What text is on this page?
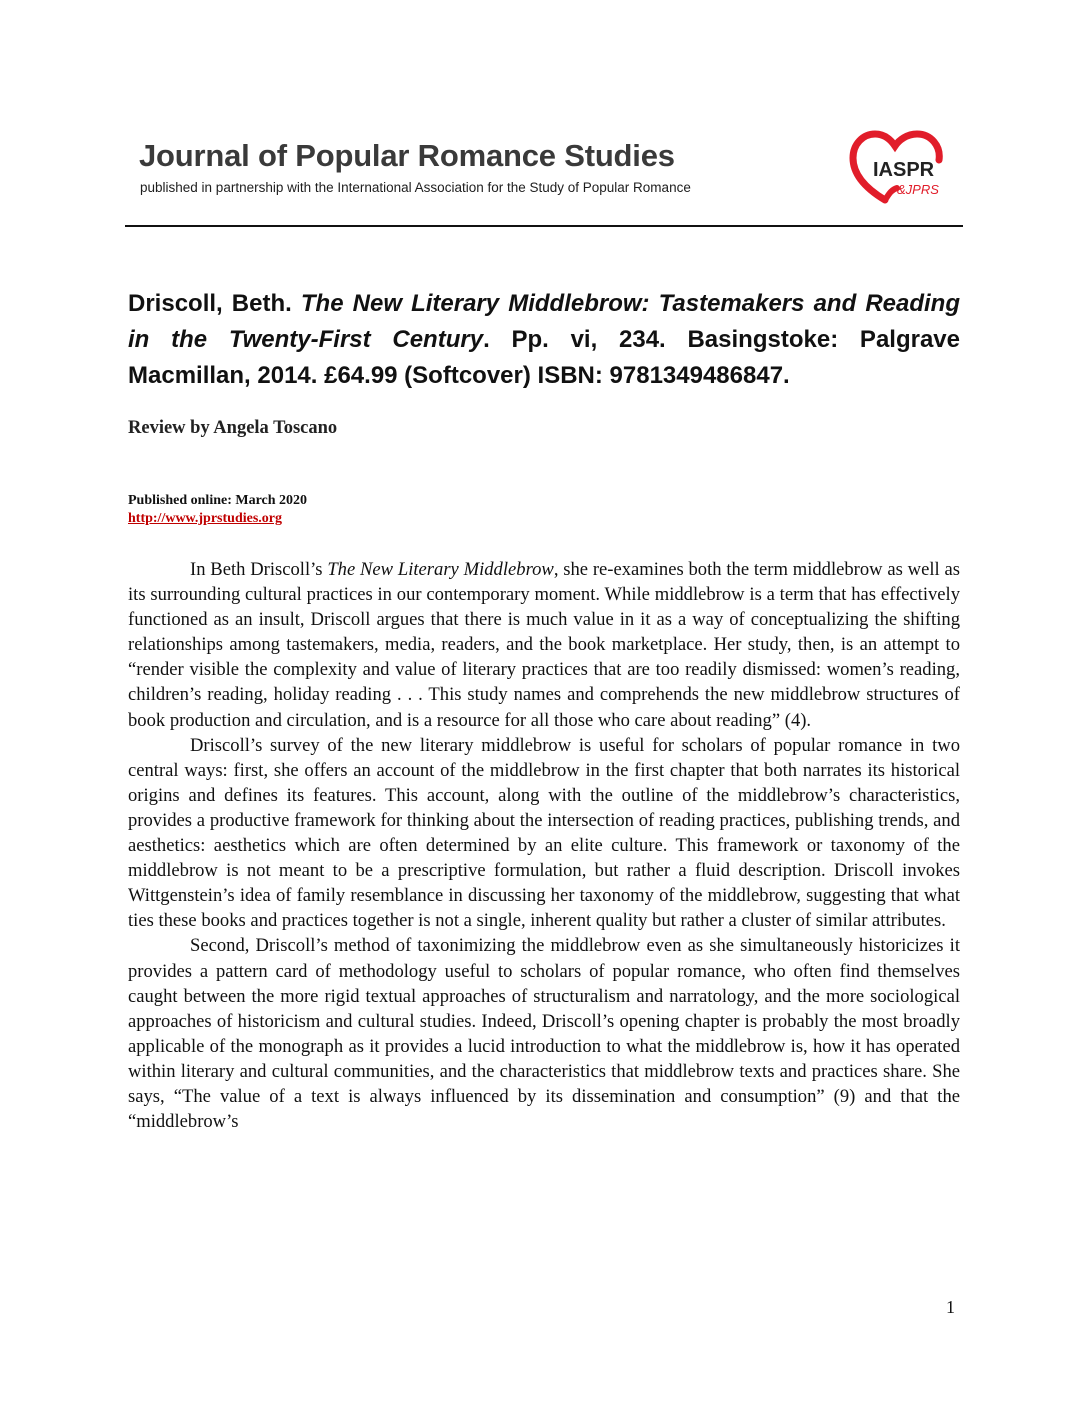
Journal of Popular Romance Studies
published in partnership with the International Association for the Study of Popular Romance
IASPR
&JPRS

Driscoll, Beth. The New Literary Middlebrow: Tastemakers and Reading in the Twenty-First Century. Pp. vi, 234. Basingstoke: Palgrave Macmillan, 2014. £64.99 (Softcover) ISBN: 9781349486847.

Review by Angela Toscano

Published online: March 2020
http://www.jprstudies.org

In Beth Driscoll’s The New Literary Middlebrow, she re-examines both the term middlebrow as well as its surrounding cultural practices in our contemporary moment. While middlebrow is a term that has effectively functioned as an insult, Driscoll argues that there is much value in it as a way of conceptualizing the shifting relationships among tastemakers, media, readers, and the book marketplace. Her study, then, is an attempt to “render visible the complexity and value of literary practices that are too readily dismissed: women’s reading, children’s reading, holiday reading . . . This study names and comprehends the new middlebrow structures of book production and circulation, and is a resource for all those who care about reading” (4).

Driscoll’s survey of the new literary middlebrow is useful for scholars of popular romance in two central ways: first, she offers an account of the middlebrow in the first chapter that both narrates its historical origins and defines its features. This account, along with the outline of the middlebrow’s characteristics, provides a productive framework for thinking about the intersection of reading practices, publishing trends, and aesthetics: aesthetics which are often determined by an elite culture. This framework or taxonomy of the middlebrow is not meant to be a prescriptive formulation, but rather a fluid description. Driscoll invokes Wittgenstein’s idea of family resemblance in discussing her taxonomy of the middlebrow, suggesting that what ties these books and practices together is not a single, inherent quality but rather a cluster of similar attributes.

Second, Driscoll’s method of taxonimizing the middlebrow even as she simultaneously historicizes it provides a pattern card of methodology useful to scholars of popular romance, who often find themselves caught between the more rigid textual approaches of structuralism and narratology, and the more sociological approaches of historicism and cultural studies. Indeed, Driscoll’s opening chapter is probably the most broadly applicable of the monograph as it provides a lucid introduction to what the middlebrow is, how it has operated within literary and cultural communities, and the characteristics that middlebrow texts and practices share. She says, “The value of a text is always influenced by its dissemination and consumption” (9) and that the “middlebrow’s

1
